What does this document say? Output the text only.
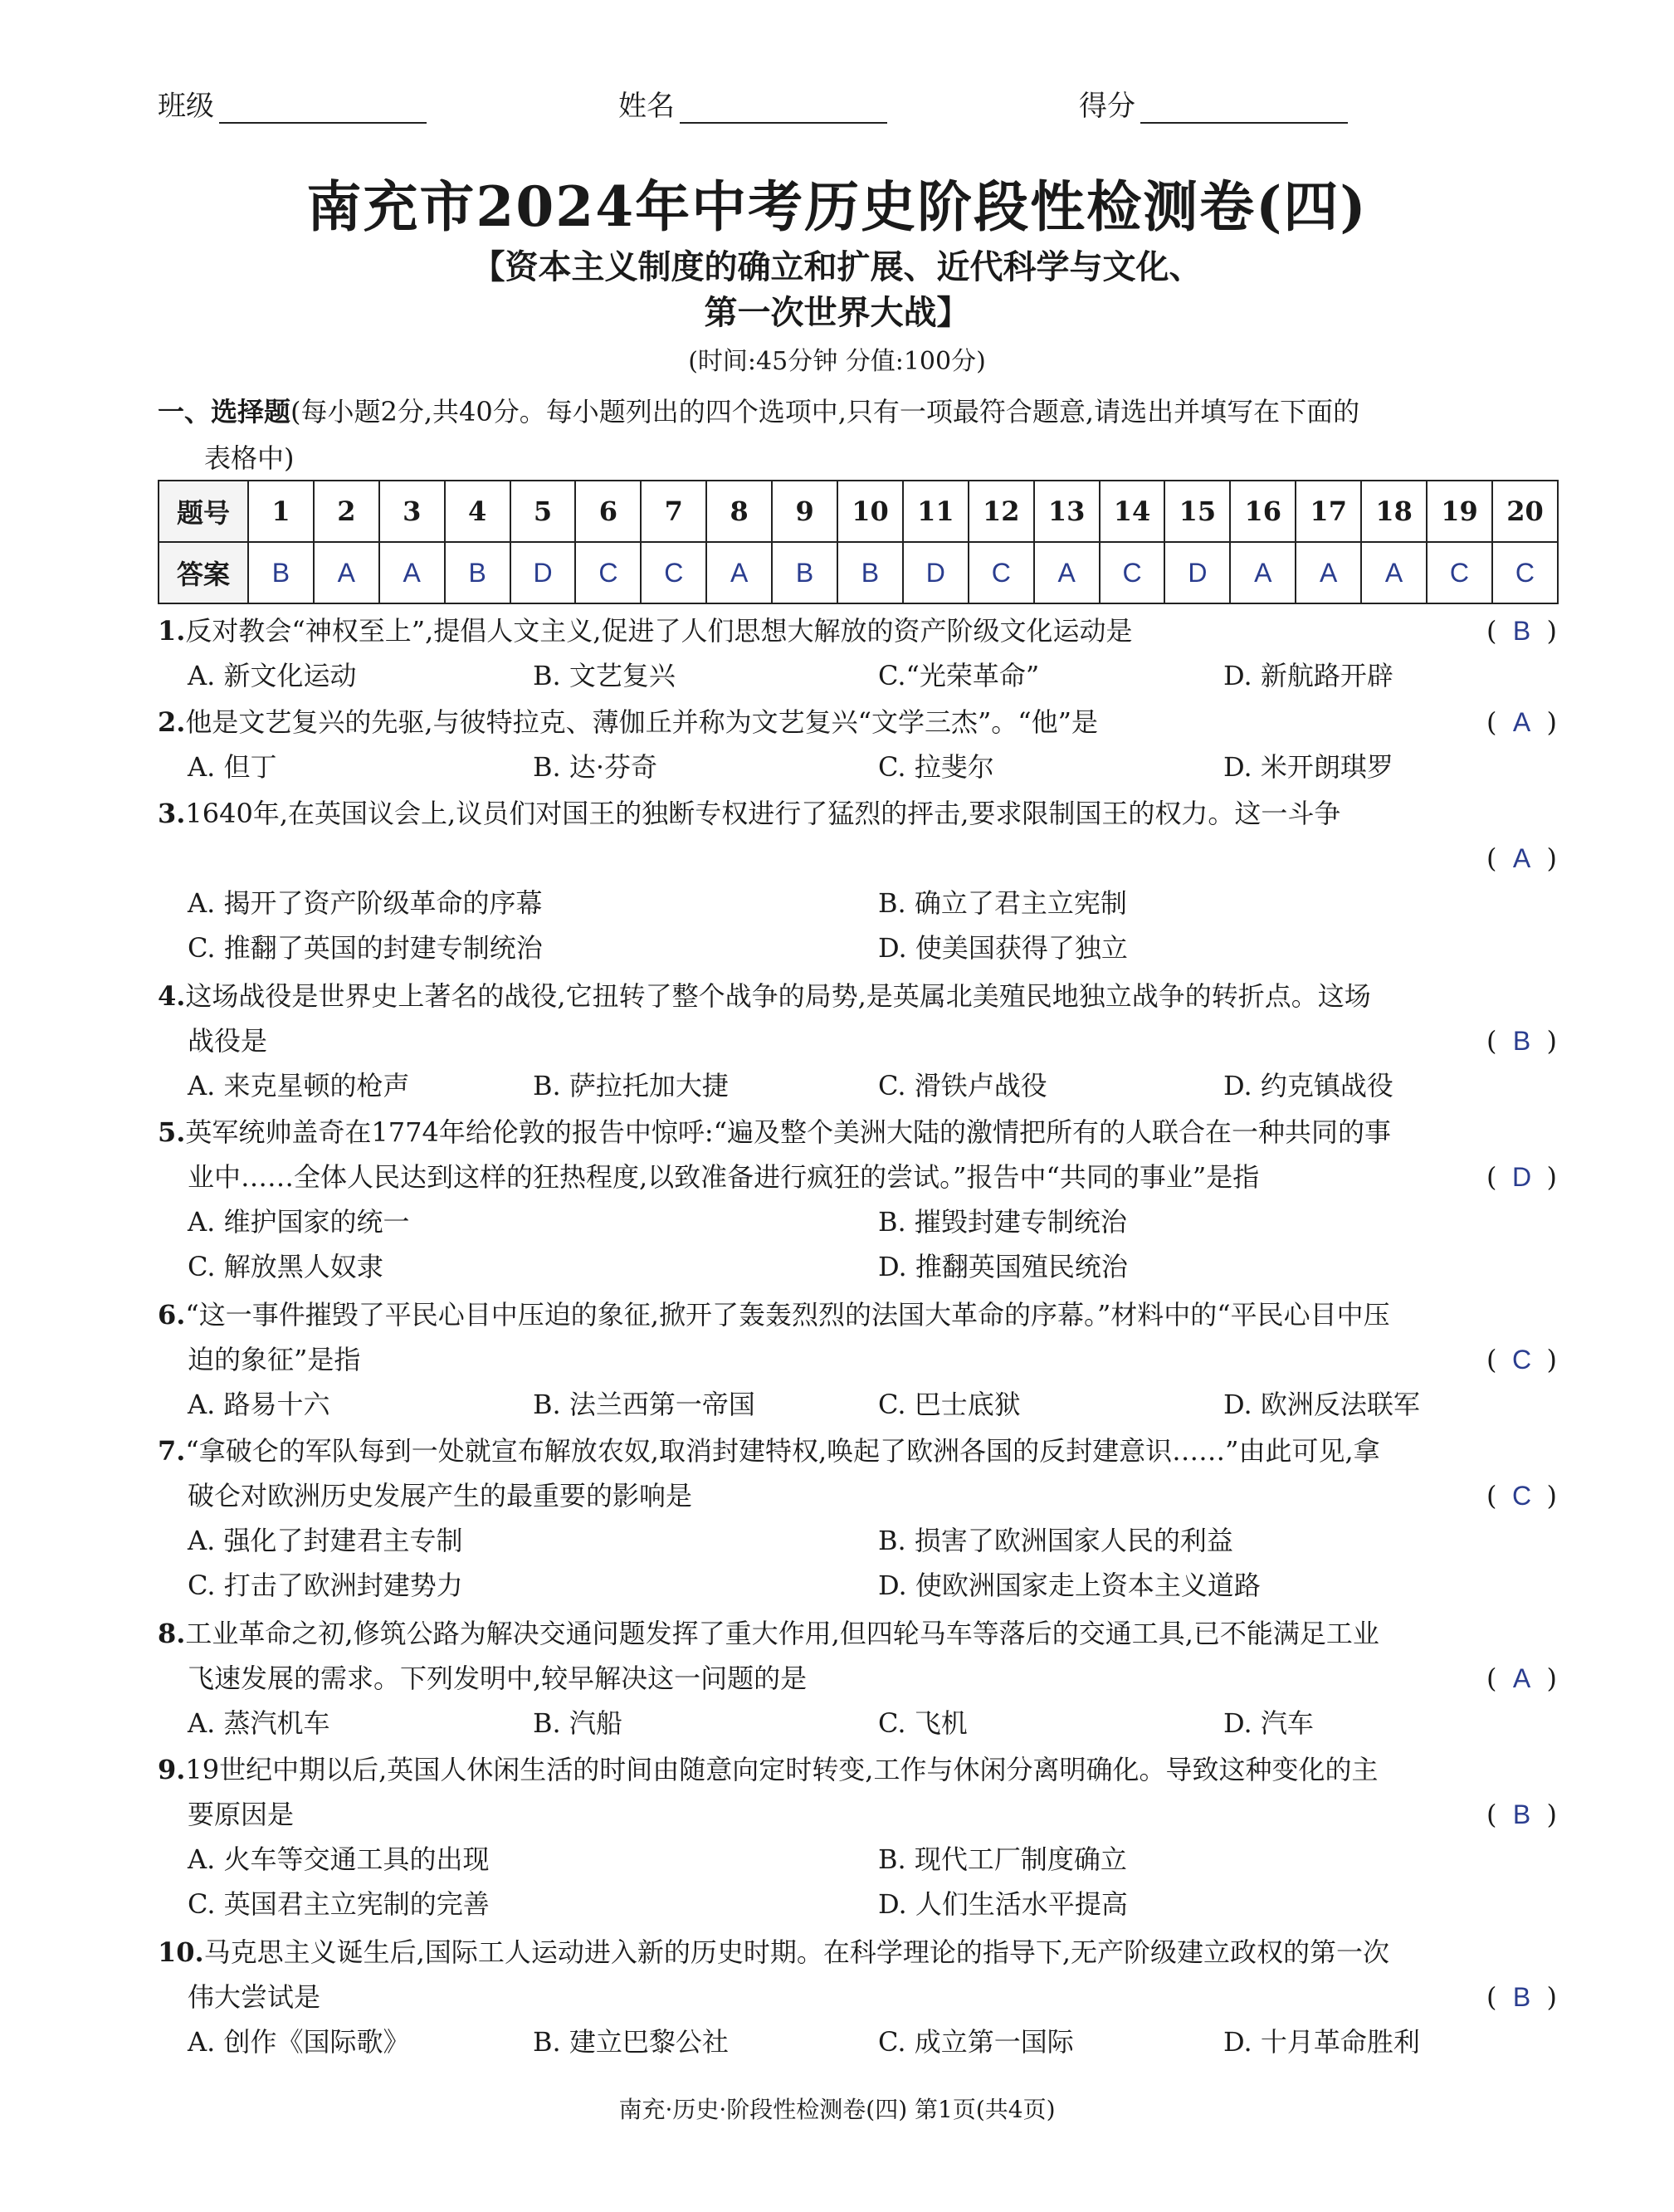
班级	姓名	得分
南充市2024年中考历史阶段性检测卷(四)
【资本主义制度的确立和扩展、近代科学与文化、
第一次世界大战】
(时间:45分钟 分值:100分)
一、选择题(每小题2分,共40分。每小题列出的四个选项中,只有一项最符合题意,请选出并填写在下面的
表格中)
题号	1	2	3	4	5	6	7	8	9	10	11	12	13	14	15	16	17	18	19	20
答案	B	A	A	B	D	C	C	A	B	B	D	C	A	C	D	A	A	A	C	C
1.反对教会“神权至上”,提倡人文主义,促进了人们思想大解放的资产阶级文化运动是	( B )
A. 新文化运动	B. 文艺复兴	C.“光荣革命”	D. 新航路开辟
2.他是文艺复兴的先驱,与彼特拉克、薄伽丘并称为文艺复兴“文学三杰”。“他”是	( A )
A. 但丁	B. 达·芬奇	C. 拉斐尔	D. 米开朗琪罗
3.1640年,在英国议会上,议员们对国王的独断专权进行了猛烈的抨击,要求限制国王的权力。这一斗争
( A )
A. 揭开了资产阶级革命的序幕	B. 确立了君主立宪制
C. 推翻了英国的封建专制统治	D. 使美国获得了独立
4.这场战役是世界史上著名的战役,它扭转了整个战争的局势,是英属北美殖民地独立战争的转折点。这场
战役是	( B )
A. 来克星顿的枪声	B. 萨拉托加大捷	C. 滑铁卢战役	D. 约克镇战役
5.英军统帅盖奇在1774年给伦敦的报告中惊呼:“遍及整个美洲大陆的激情把所有的人联合在一种共同的事
业中……全体人民达到这样的狂热程度,以致准备进行疯狂的尝试。”报告中“共同的事业”是指	( D )
A. 维护国家的统一	B. 摧毁封建专制统治
C. 解放黑人奴隶	D. 推翻英国殖民统治
6.“这一事件摧毁了平民心目中压迫的象征,掀开了轰轰烈烈的法国大革命的序幕。”材料中的“平民心目中压
迫的象征”是指	( C )
A. 路易十六	B. 法兰西第一帝国	C. 巴士底狱	D. 欧洲反法联军
7.“拿破仑的军队每到一处就宣布解放农奴,取消封建特权,唤起了欧洲各国的反封建意识……”由此可见,拿
破仑对欧洲历史发展产生的最重要的影响是	( C )
A. 强化了封建君主专制	B. 损害了欧洲国家人民的利益
C. 打击了欧洲封建势力	D. 使欧洲国家走上资本主义道路
8.工业革命之初,修筑公路为解决交通问题发挥了重大作用,但四轮马车等落后的交通工具,已不能满足工业
飞速发展的需求。下列发明中,较早解决这一问题的是	( A )
A. 蒸汽机车	B. 汽船	C. 飞机	D. 汽车
9.19世纪中期以后,英国人休闲生活的时间由随意向定时转变,工作与休闲分离明确化。导致这种变化的主
要原因是	( B )
A. 火车等交通工具的出现	B. 现代工厂制度确立
C. 英国君主立宪制的完善	D. 人们生活水平提高
10.马克思主义诞生后,国际工人运动进入新的历史时期。在科学理论的指导下,无产阶级建立政权的第一次
伟大尝试是	( B )
A. 创作《国际歌》	B. 建立巴黎公社	C. 成立第一国际	D. 十月革命胜利
南充·历史·阶段性检测卷(四) 第1页(共4页)
